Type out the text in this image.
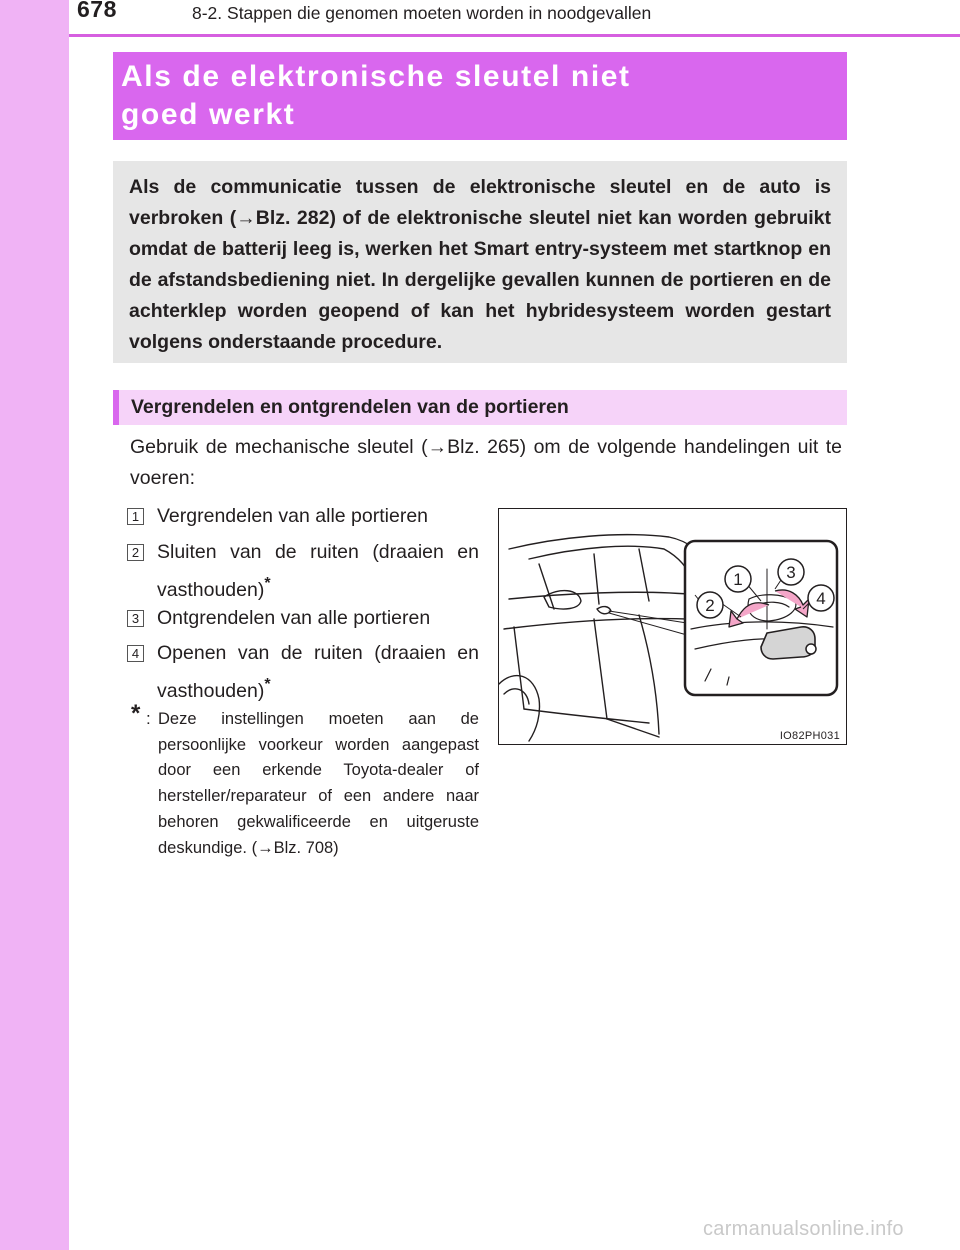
678	8-2. Stappen die genomen moeten worden in noodgevallen
Als de elektronische sleutel niet
goed werkt

Als de communicatie tussen de elektronische sleutel en de auto is verbroken (→Blz. 282) of de elektronische sleutel niet kan worden gebruikt omdat de batterij leeg is, werken het Smart entry-systeem met startknop en de afstandsbediening niet. In dergelijke gevallen kunnen de portieren en de achterklep worden geopend of kan het hybridesysteem worden gestart volgens onderstaande procedure.

Vergrendelen en ontgrendelen van de portieren

Gebruik de mechanische sleutel (→Blz. 265) om de volgende handelingen uit te voeren:

1 Vergrendelen van alle portieren

2 Sluiten van de ruiten (draaien en vasthouden)*

3 Ontgrendelen van alle portieren

4 Openen van de ruiten (draaien en vasthouden)*

* : Deze instellingen moeten aan de persoonlijke voorkeur worden aangepast door een erkende Toyota-dealer of hersteller/reparateur of een andere naar behoren gekwalificeerde en uitgeruste deskundige. (→Blz. 708)

1
2
3
4
IO82PH031
carmanualsonline.info
